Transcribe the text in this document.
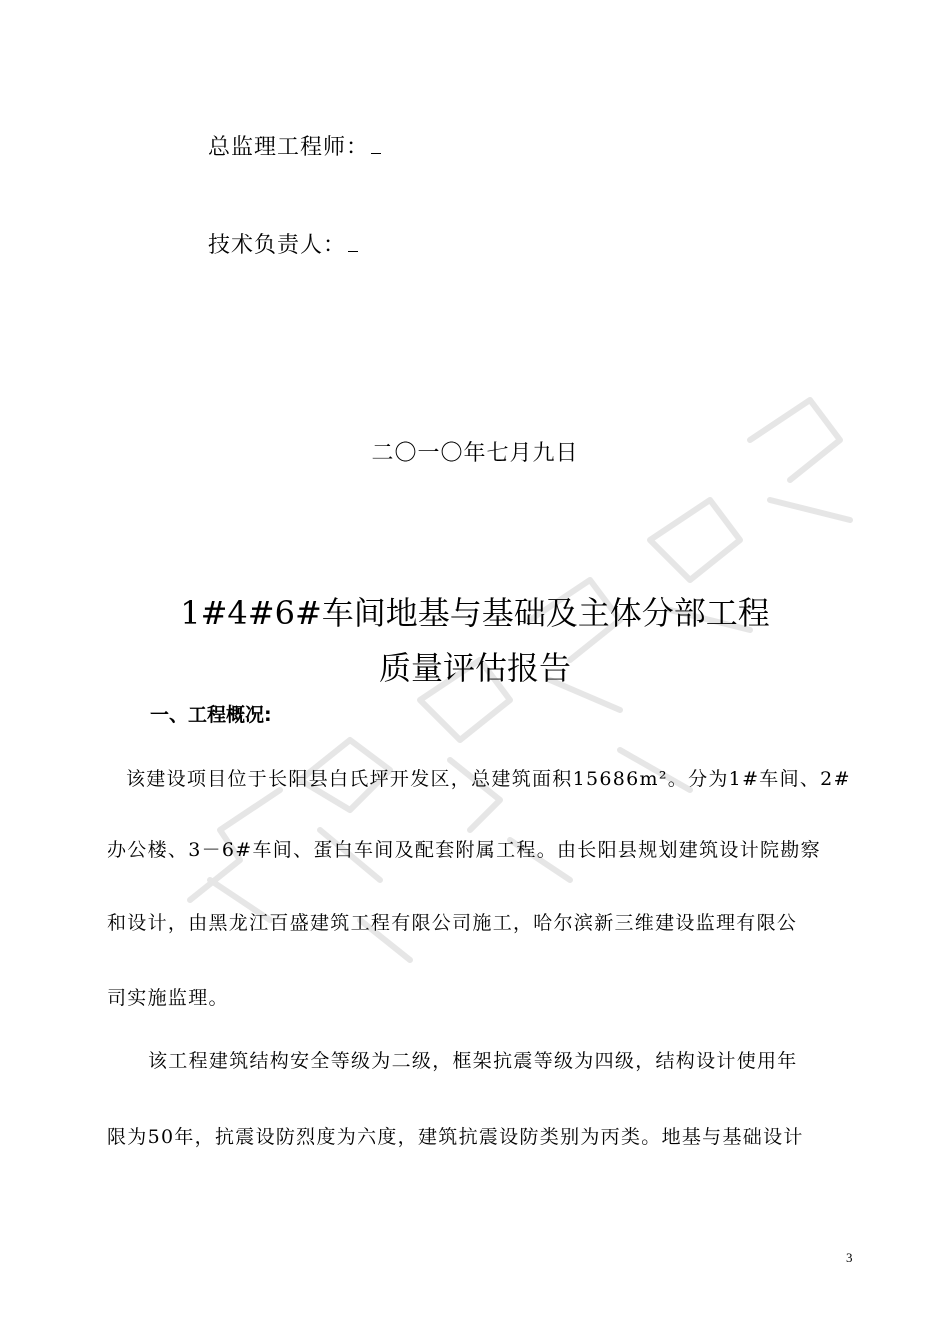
总监理工程师：
技术负责人：
二〇一〇年七月九日
1#4#6#车间地基与基础及主体分部工程
质量评估报告
一、工程概况:
该建设项目位于长阳县白氏坪开发区，总建筑面积15686m²。分为1#车间、2#
办公楼、3－6#车间、蛋白车间及配套附属工程。由长阳县规划建筑设计院勘察
和设计，由黑龙江百盛建筑工程有限公司施工，哈尔滨新三维建设监理有限公
司实施监理。
该工程建筑结构安全等级为二级，框架抗震等级为四级，结构设计使用年
限为50年，抗震设防烈度为六度，建筑抗震设防类别为丙类。地基与基础设计
3
